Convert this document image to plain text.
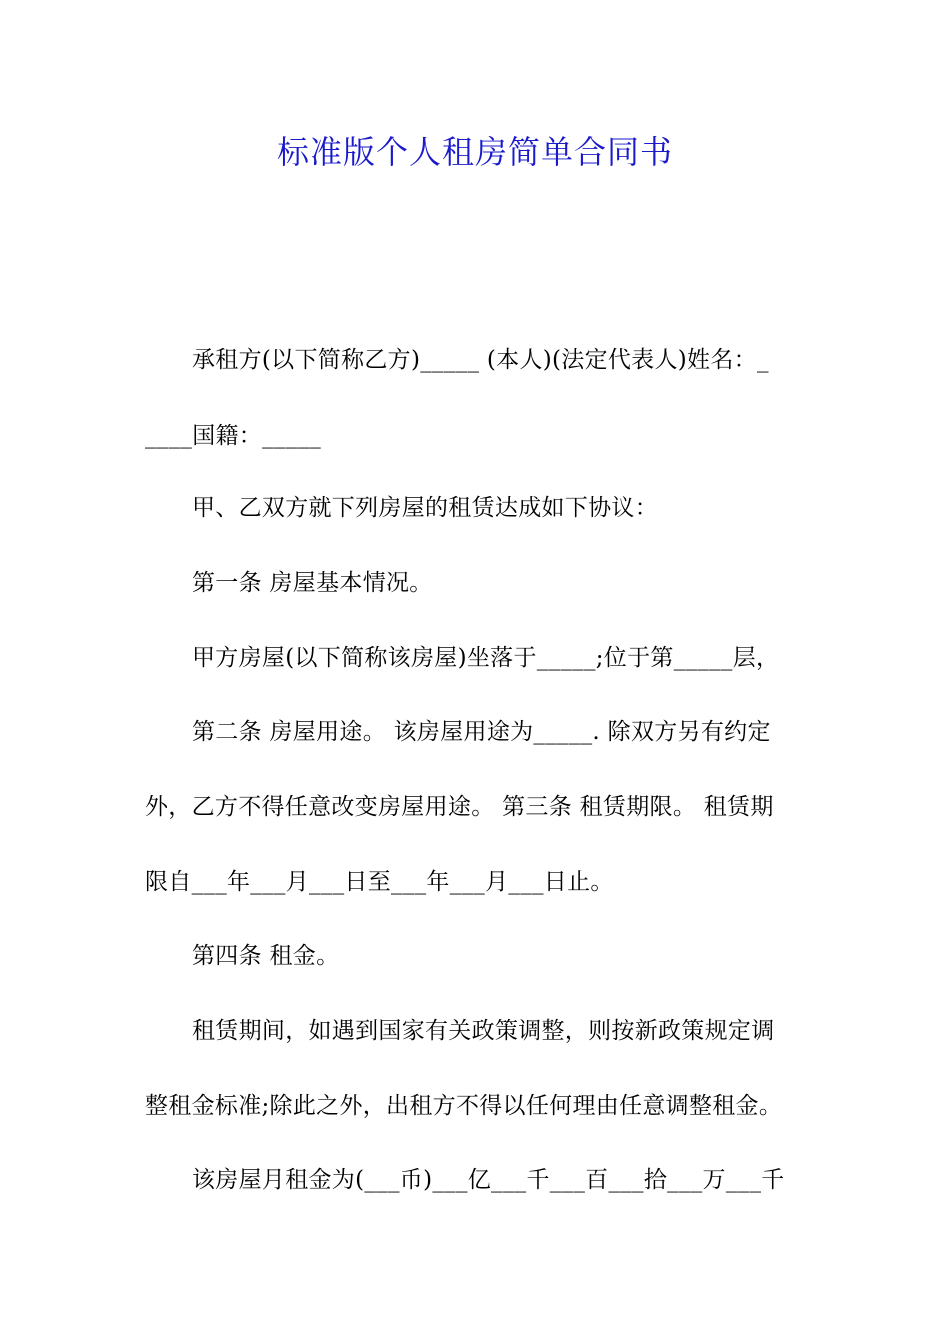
标准版个人租房简单合同书
承租方(以下简称乙方)_____ (本人)(法定代表人)姓名：_
____国籍：_____
甲、乙双方就下列房屋的租赁达成如下协议：
第一条 房屋基本情况。
甲方房屋(以下简称该房屋)坐落于_____;位于第_____层，
第二条 房屋用途。 该房屋用途为_____. 除双方另有约定
外，乙方不得任意改变房屋用途。 第三条 租赁期限。 租赁期
限自___年___月___日至___年___月___日止。
第四条 租金。
租赁期间，如遇到国家有关政策调整，则按新政策规定调
整租金标准;除此之外，出租方不得以任何理由任意调整租金。
该房屋月租金为(___币)___亿___千___百___拾___万___千
